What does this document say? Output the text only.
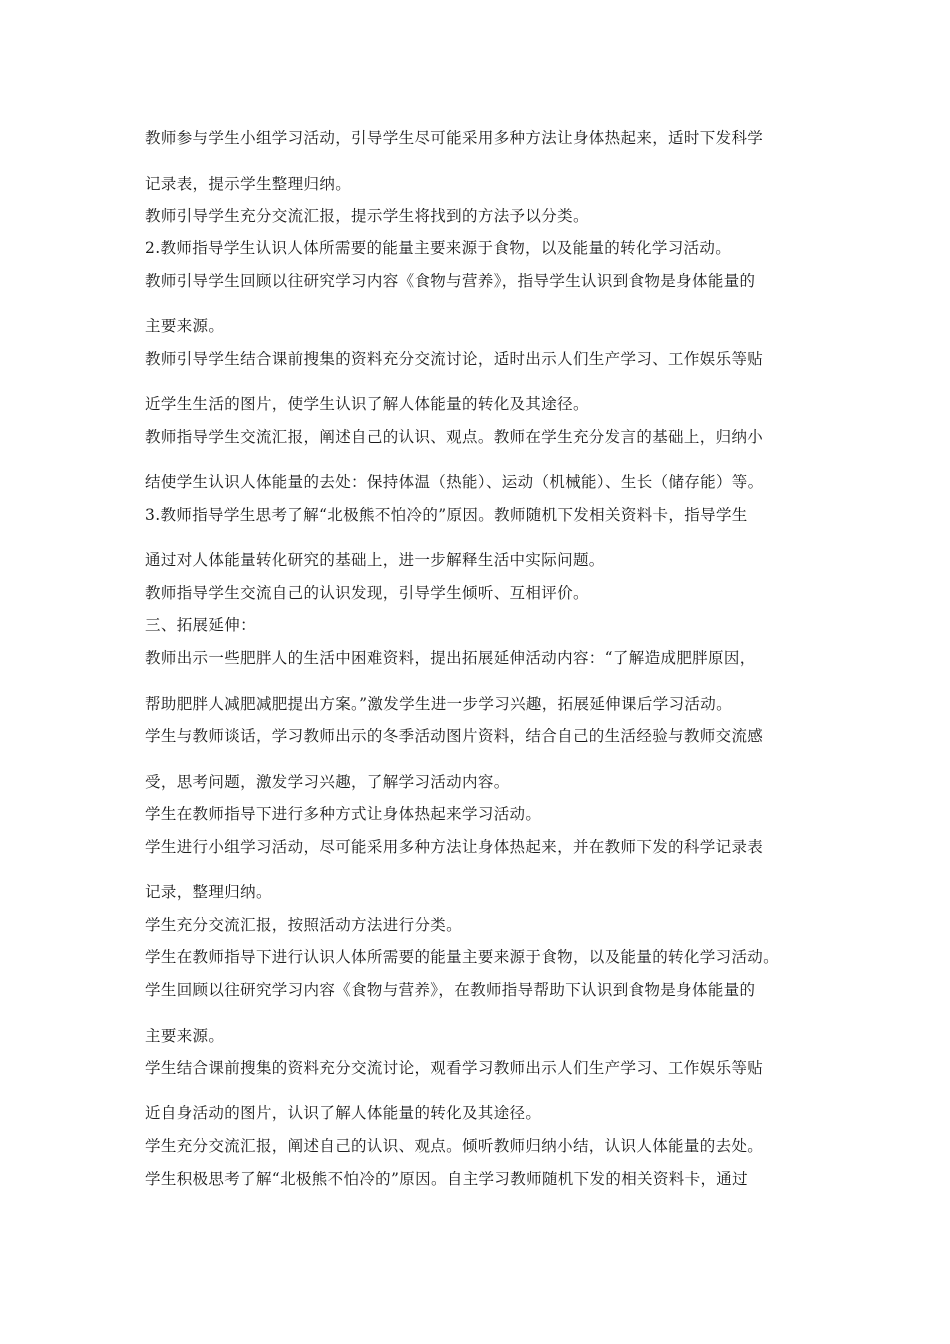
教师参与学生小组学习活动，引导学生尽可能采用多种方法让身体热起来，适时下发科学
记录表，提示学生整理归纳。
教师引导学生充分交流汇报，提示学生将找到的方法予以分类。
2.教师指导学生认识人体所需要的能量主要来源于食物，以及能量的转化学习活动。
教师引导学生回顾以往研究学习内容《食物与营养》，指导学生认识到食物是身体能量的
主要来源。
教师引导学生结合课前搜集的资料充分交流讨论，适时出示人们生产学习、工作娱乐等贴
近学生生活的图片，使学生认识了解人体能量的转化及其途径。
教师指导学生交流汇报，阐述自己的认识、观点。教师在学生充分发言的基础上，归纳小
结使学生认识人体能量的去处：保持体温（热能）、运动（机械能）、生长（储存能）等。
3.教师指导学生思考了解“北极熊不怕冷的”原因。教师随机下发相关资料卡，指导学生
通过对人体能量转化研究的基础上，进一步解释生活中实际问题。
教师指导学生交流自己的认识发现，引导学生倾听、互相评价。
三、拓展延伸：
教师出示一些肥胖人的生活中困难资料，提出拓展延伸活动内容：“了解造成肥胖原因，
帮助肥胖人减肥减肥提出方案。”激发学生进一步学习兴趣，拓展延伸课后学习活动。
学生与教师谈话，学习教师出示的冬季活动图片资料，结合自己的生活经验与教师交流感
受，思考问题，激发学习兴趣，了解学习活动内容。
学生在教师指导下进行多种方式让身体热起来学习活动。
学生进行小组学习活动，尽可能采用多种方法让身体热起来，并在教师下发的科学记录表
记录，整理归纳。
学生充分交流汇报，按照活动方法进行分类。
学生在教师指导下进行认识人体所需要的能量主要来源于食物，以及能量的转化学习活动。
学生回顾以往研究学习内容《食物与营养》，在教师指导帮助下认识到食物是身体能量的
主要来源。
学生结合课前搜集的资料充分交流讨论，观看学习教师出示人们生产学习、工作娱乐等贴
近自身活动的图片，认识了解人体能量的转化及其途径。
学生充分交流汇报，阐述自己的认识、观点。倾听教师归纳小结，认识人体能量的去处。
学生积极思考了解“北极熊不怕冷的”原因。自主学习教师随机下发的相关资料卡，通过
